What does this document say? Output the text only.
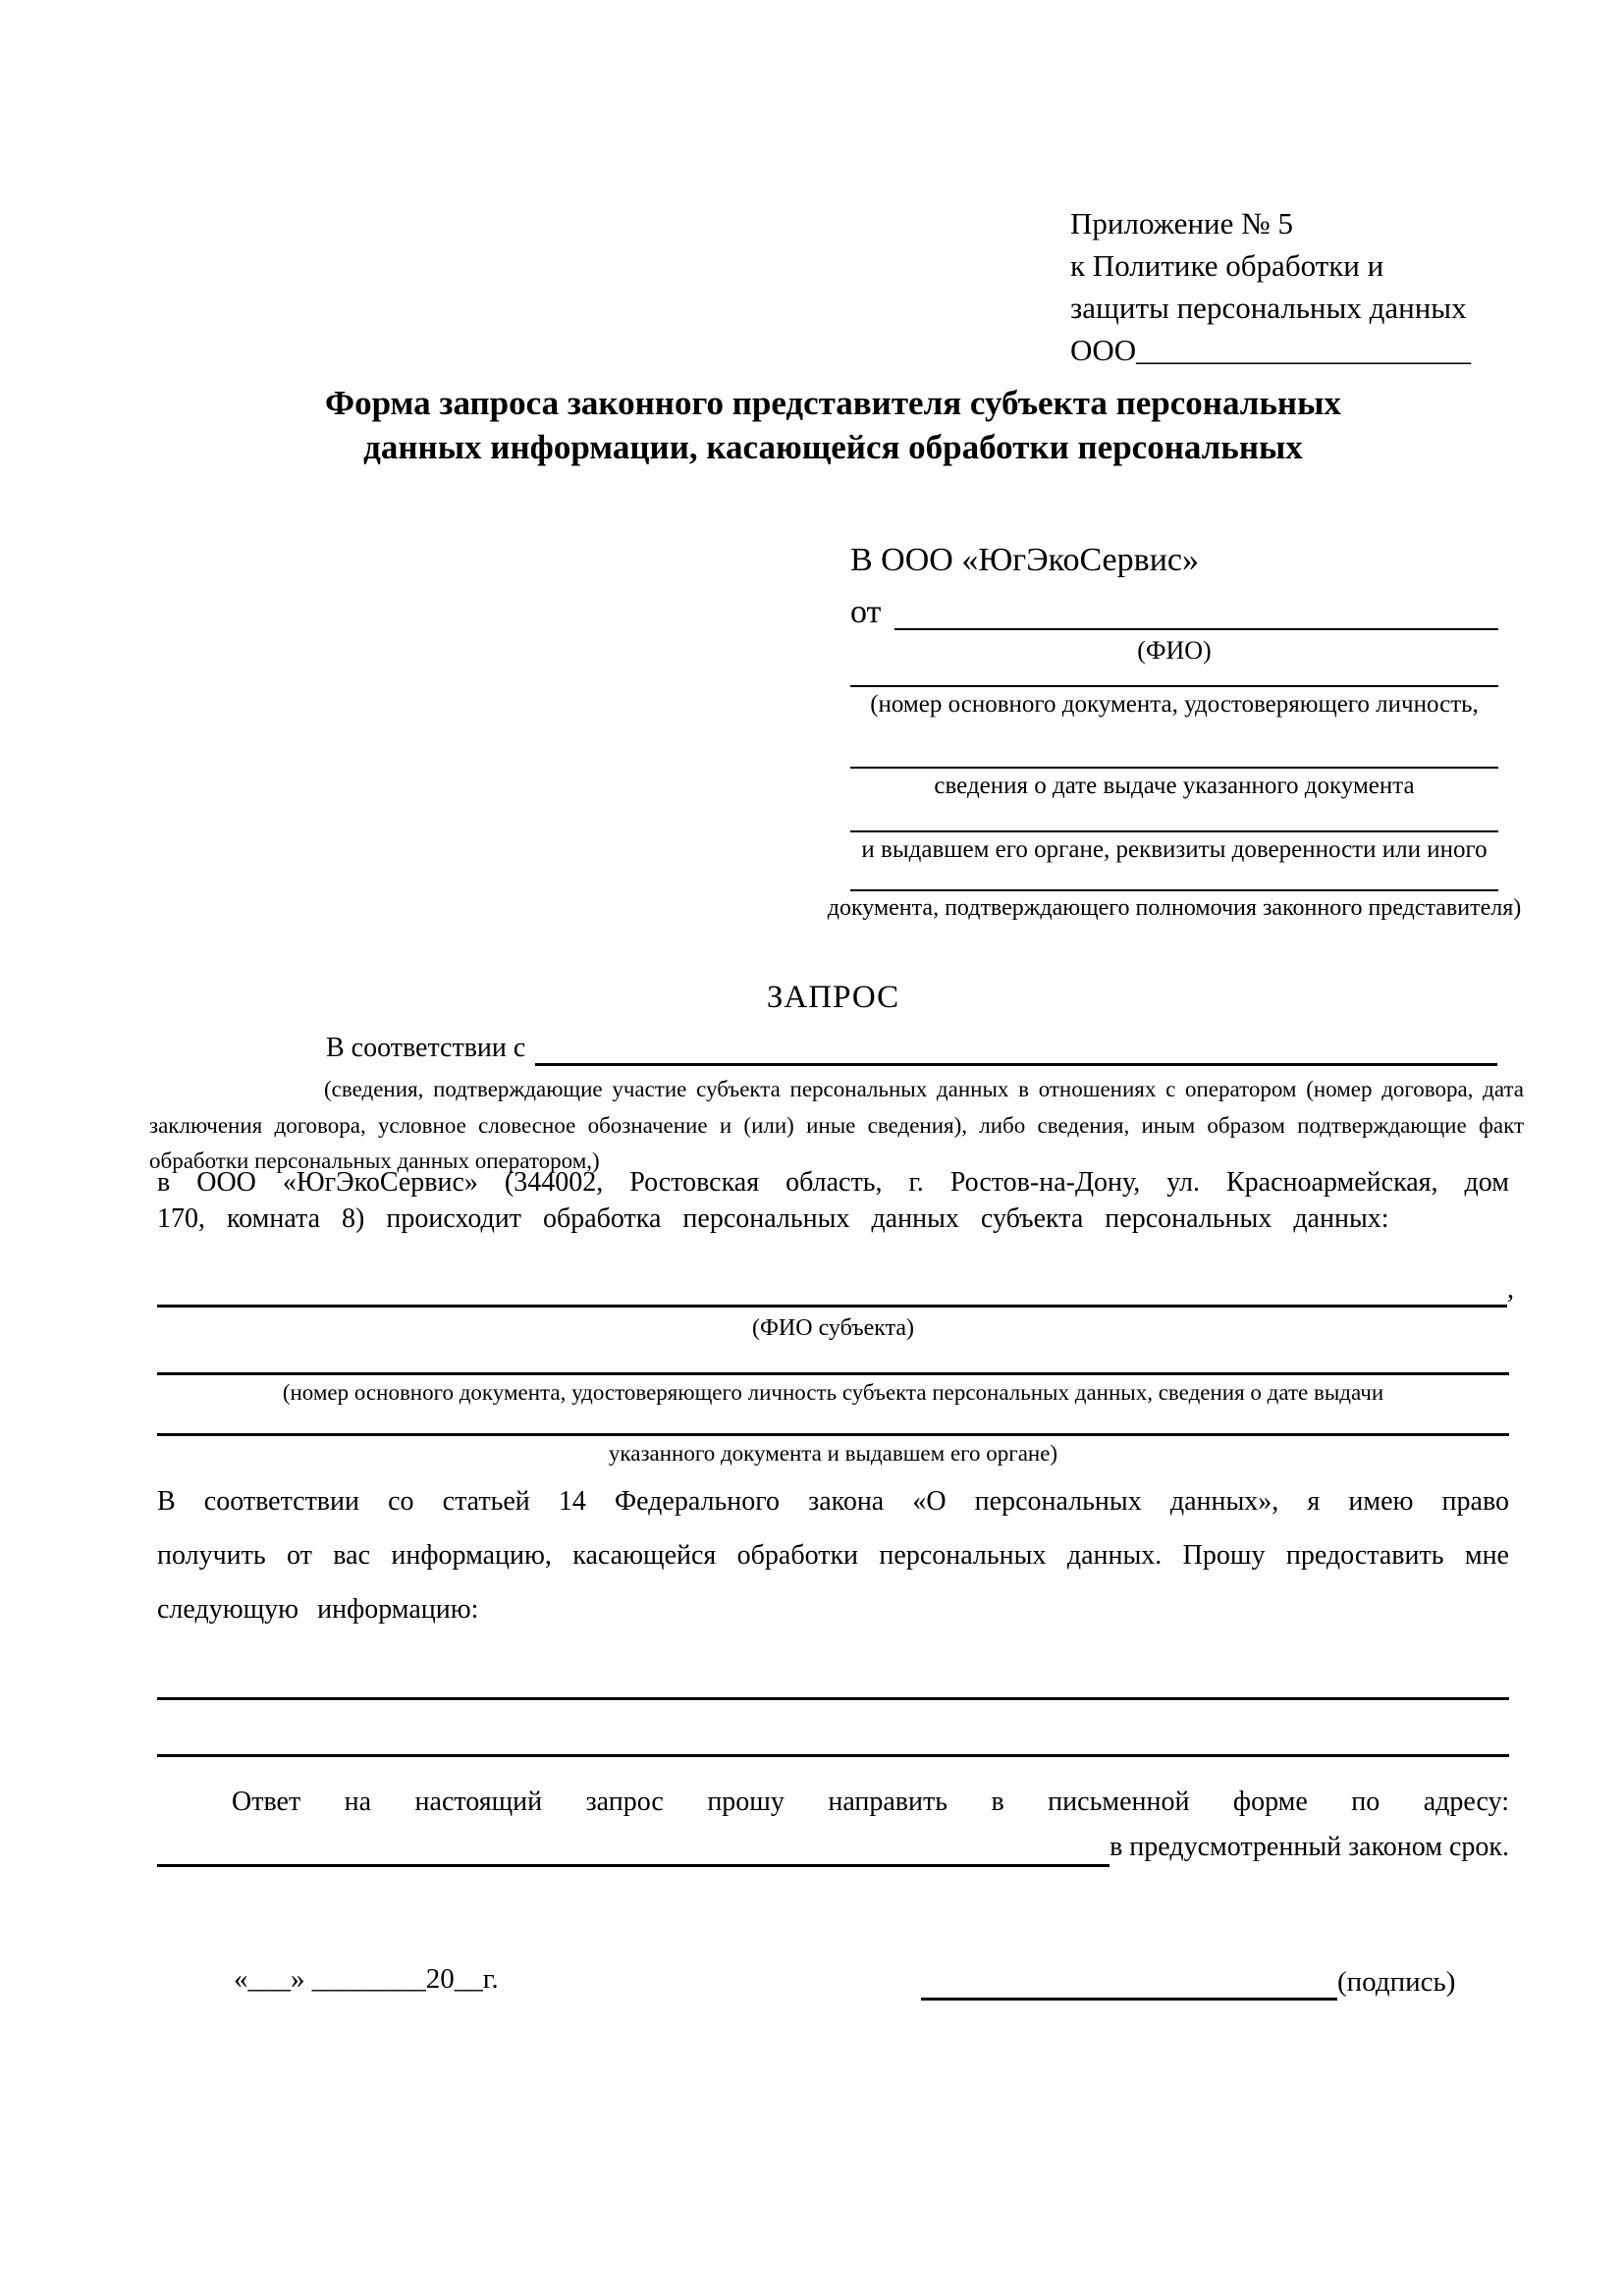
Приложение № 5
к Политике обработки и
защиты персональных данных
ООО______________________
Форма запроса законного представителя субъекта персональных
данных информации, касающейся обработки персональных
В ООО «ЮгЭкоСервис»
от
(ФИО)
(номер основного документа, удостоверяющего личность,
сведения о дате выдаче указанного документа
и выдавшем его органе, реквизиты доверенности или иного
документа, подтверждающего полномочия законного представителя)
ЗАПРОС
В соответствии с
(сведения, подтверждающие участие субъекта персональных данных в отношениях с оператором (номер договора, дата заключения договора, условное словесное обозначение и (или) иные сведения), либо сведения, иным образом подтверждающие факт обработки персональных данных оператором,)
в ООО «ЮгЭкоСервис» (344002, Ростовская область, г. Ростов-на-Дону, ул. Красноармейская, дом 170, комната 8) происходит обработка персональных данных субъекта персональных данных:
,
(ФИО субъекта)
(номер основного документа, удостоверяющего личность субъекта персональных данных, сведения о дате выдачи
указанного документа и выдавшем его органе)
В соответствии со статьей 14 Федерального закона «О персональных данных», я имею право получить от вас информацию, касающейся обработки персональных данных. Прошу предоставить мне следующую информацию:
Ответ на настоящий запрос прошу направить в письменной форме по адресу:
в предусмотренный законом срок.
«___» ________20__г.	(подпись)
